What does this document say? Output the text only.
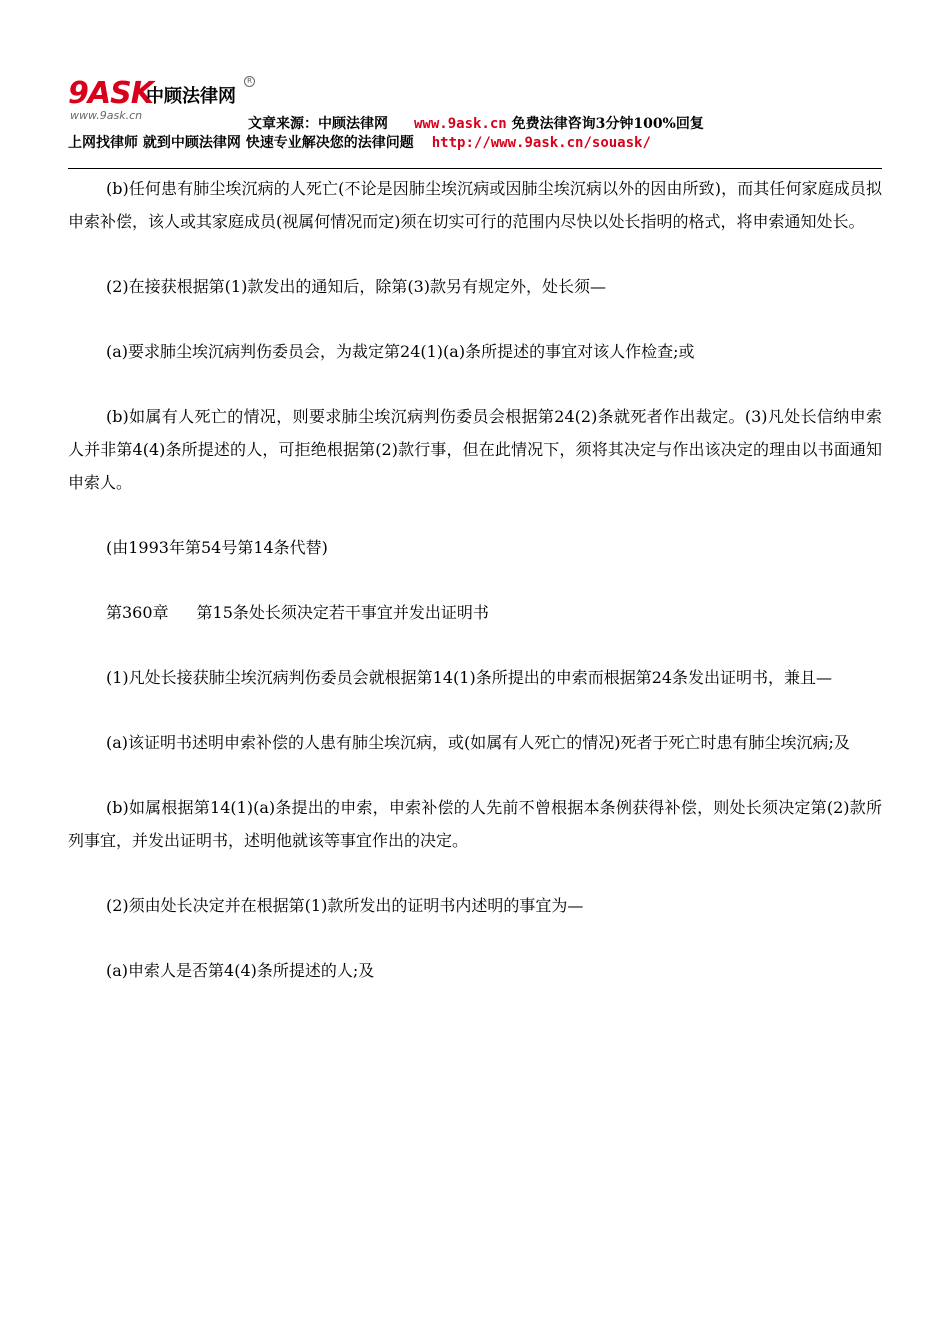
9ASK
中顾法律网
R
www.9ask.cn
文章来源：中顾法律网 www.9ask.cn 免费法律咨询3分钟100%回复
上网找律师 就到中顾法律网 快速专业解决您的法律问题 http://www.9ask.cn/souask/

(b)任何患有肺尘埃沉病的人死亡(不论是因肺尘埃沉病或因肺尘埃沉病以外的因由所致)，而其任何家庭成员拟申索补偿，该人或其家庭成员(视属何情况而定)须在切实可行的范围内尽快以处长指明的格式，将申索通知处长。

(2)在接获根据第(1)款发出的通知后，除第(3)款另有规定外，处长须—

(a)要求肺尘埃沉病判伤委员会，为裁定第24(1)(a)条所提述的事宜对该人作检查;或

(b)如属有人死亡的情况，则要求肺尘埃沉病判伤委员会根据第24(2)条就死者作出裁定。(3)凡处长信纳申索人并非第4(4)条所提述的人，可拒绝根据第(2)款行事，但在此情况下，须将其决定与作出该决定的理由以书面通知申索人。

(由1993年第54号第14条代替)

第360章 第15条处长须决定若干事宜并发出证明书

(1)凡处长接获肺尘埃沉病判伤委员会就根据第14(1)条所提出的申索而根据第24条发出证明书，兼且—

(a)该证明书述明申索补偿的人患有肺尘埃沉病，或(如属有人死亡的情况)死者于死亡时患有肺尘埃沉病;及

(b)如属根据第14(1)(a)条提出的申索，申索补偿的人先前不曾根据本条例获得补偿，则处长须决定第(2)款所列事宜，并发出证明书，述明他就该等事宜作出的决定。

(2)须由处长决定并在根据第(1)款所发出的证明书内述明的事宜为—

(a)申索人是否第4(4)条所提述的人;及
